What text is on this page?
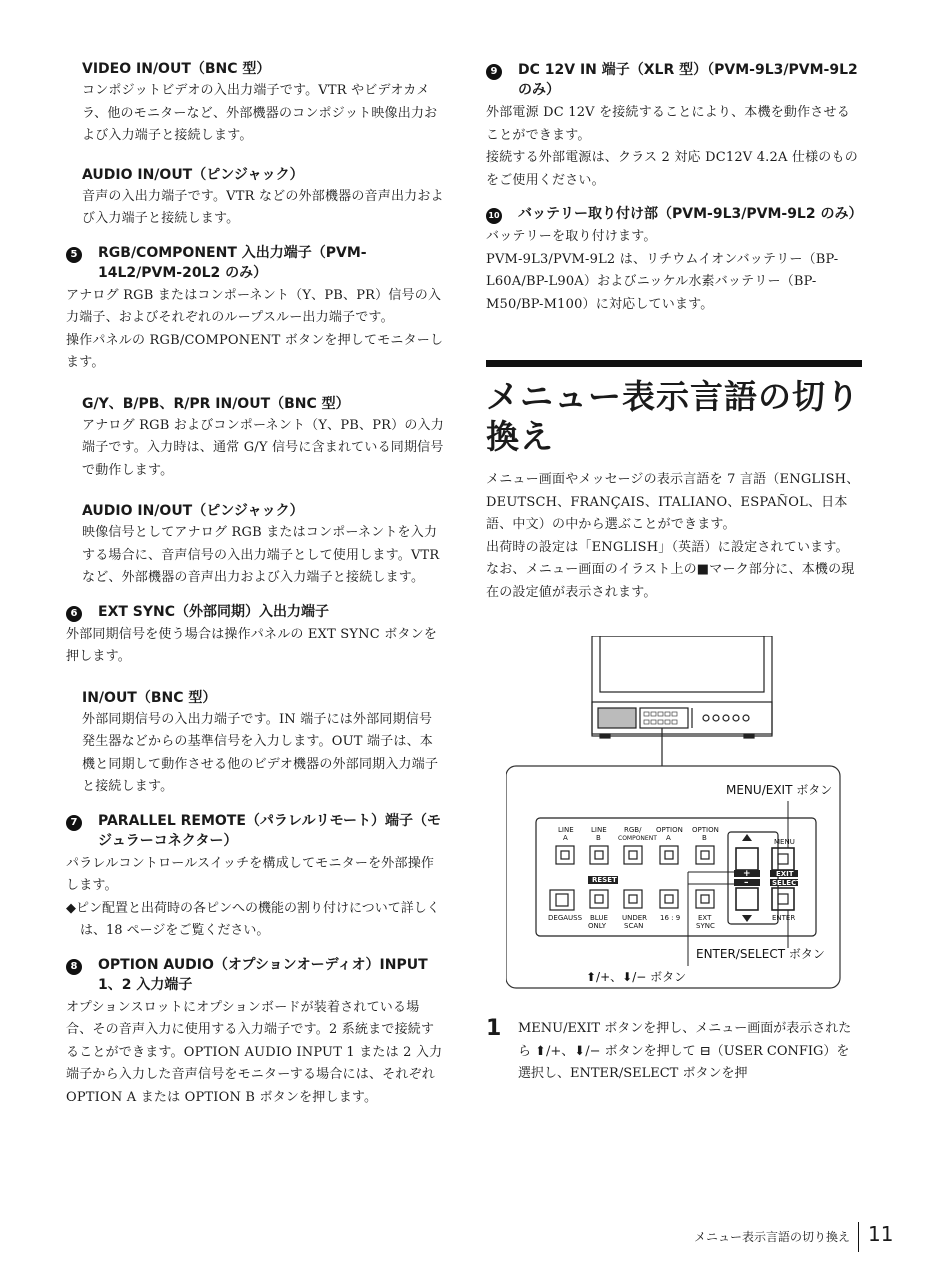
VIDEO IN/OUT（BNC 型）

コンポジットビデオの入出力端子です。VTR やビデオカメラ、他のモニターなど、外部機器のコンポジット映像出力および入力端子と接続します。

AUDIO IN/OUT（ピンジャック）

音声の入出力端子です。VTR などの外部機器の音声出力および入力端子と接続します。

5	RGB/COMPONENT 入出力端子（PVM-14L2/PVM-20L2 のみ）

アナログ RGB またはコンポーネント（Y、PB、PR）信号の入力端子、およびそれぞれのループスルー出力端子です。

操作パネルの RGB/COMPONENT ボタンを押してモニターします。

G/Y、B/PB、R/PR IN/OUT（BNC 型）

アナログ RGB およびコンポーネント（Y、PB、PR）の入力端子です。入力時は、通常 G/Y 信号に含まれている同期信号で動作します。

AUDIO IN/OUT（ピンジャック）

映像信号としてアナログ RGB またはコンポーネントを入力する場合に、音声信号の入出力端子として使用します。VTR など、外部機器の音声出力および入力端子と接続します。

6	EXT SYNC（外部同期）入出力端子

外部同期信号を使う場合は操作パネルの EXT SYNC ボタンを押します。

IN/OUT（BNC 型）

外部同期信号の入出力端子です。IN 端子には外部同期信号発生器などからの基準信号を入力します。OUT 端子は、本機と同期して動作させる他のビデオ機器の外部同期入力端子と接続します。

7	PARALLEL REMOTE（パラレルリモート）端子（モジュラーコネクター）

パラレルコントロールスイッチを構成してモニターを外部操作します。

◆ピン配置と出荷時の各ピンへの機能の割り付けについて詳しくは、18 ページをご覧ください。

8	OPTION AUDIO（オプションオーディオ）INPUT 1、2 入力端子

オプションスロットにオプションボードが装着されている場合、その音声入力に使用する入力端子です。2 系統まで接続することができます。OPTION AUDIO INPUT 1 または 2 入力端子から入力した音声信号をモニターする場合には、それぞれ OPTION A または OPTION B ボタンを押します。

9	DC 12V IN 端子（XLR 型）（PVM-9L3/PVM-9L2 のみ）

外部電源 DC 12V を接続することにより、本機を動作させることができます。

接続する外部電源は、クラス 2 対応 DC12V 4.2A 仕様のものをご使用ください。

10	バッテリー取り付け部（PVM-9L3/PVM-9L2 のみ）

バッテリーを取り付けます。

PVM-9L3/PVM-9L2 は、リチウムイオンバッテリー（BP-L60A/BP-L90A）およびニッケル水素バッテリー（BP-M50/BP-M100）に対応しています。

メニュー表示言語の切り換え

メニュー画面やメッセージの表示言語を 7 言語（ENGLISH、DEUTSCH、FRANÇAIS、ITALIANO、ESPAÑOL、日本語、中文）の中から選ぶことができます。

出荷時の設定は「ENGLISH」（英語）に設定されています。

なお、メニュー画面のイラスト上の■マーク部分に、本機の現在の設定値が表示されます。

MENU/EXIT ボタン
ENTER/SELECT ボタン
⬆/+、⬇/− ボタン
LINE
A
LINE
B
RGB/
COMPONENT
OPTION
A
OPTION
B
RESET
DEGAUSS BLUE
ONLY
UNDER
SCAN
16 : 9	EXT
SYNC
MENU
EXIT
SELECT
ENTER
+
–
1	MENU/EXIT ボタンを押し、メニュー画面が表示されたら ⬆/+、⬇/− ボタンを押して ⊟（USER CONFIG）を選択し、ENTER/SELECT ボタンを押
メニュー表示言語の切り換え 11
